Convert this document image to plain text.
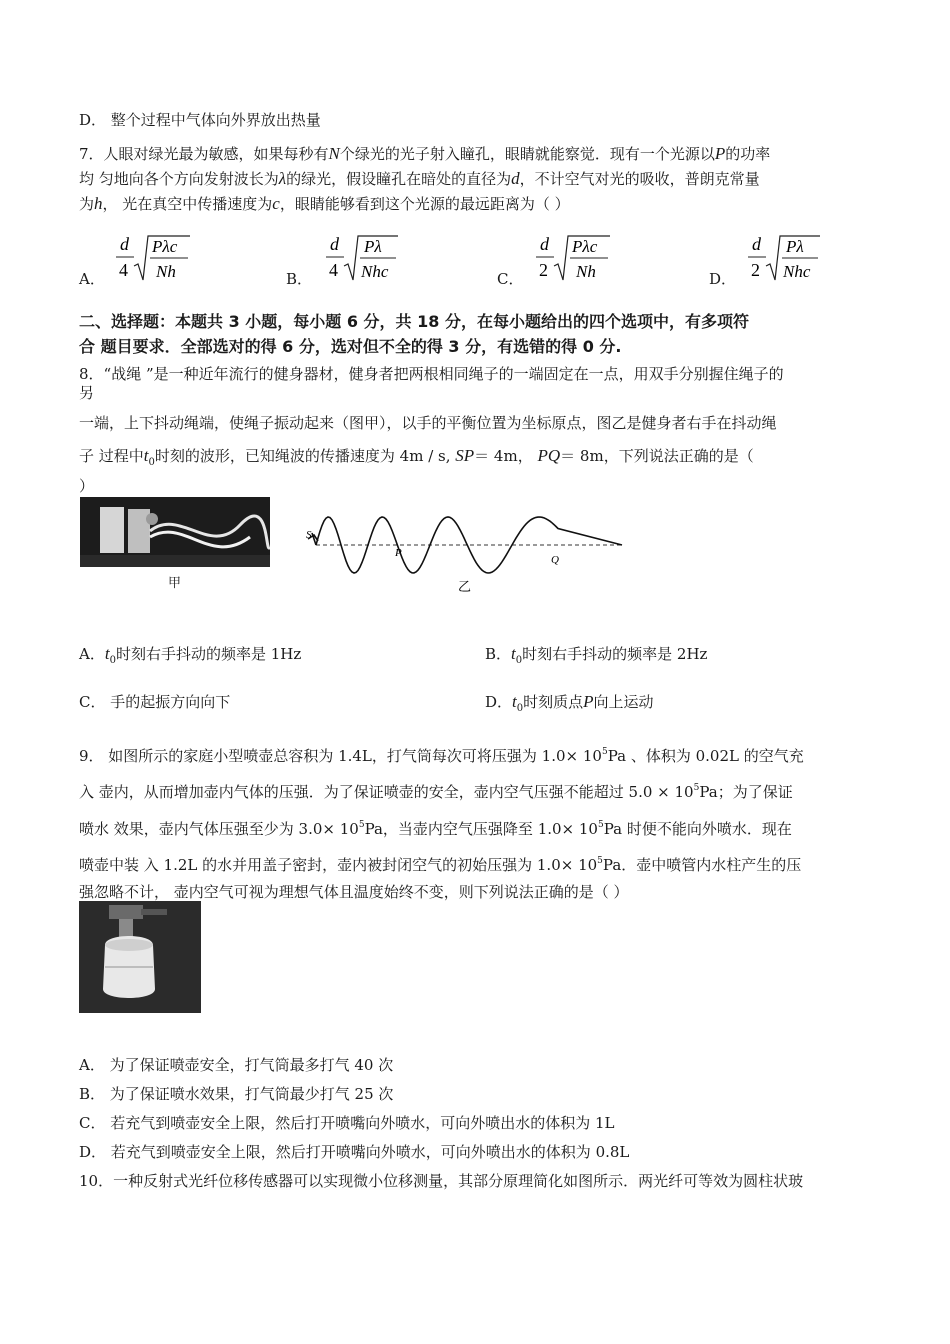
D． 整个过程中气体向外界放出热量
7．人眼对绿光最为敏感，如果每秒有N个绿光的光子射入瞳孔，眼睛就能察觉．现有一个光源以P的功率
均 匀地向各个方向发射波长为λ的绿光，假设瞳孔在暗处的直径为d，不计空气对光的吸收，普朗克常量
为h， 光在真空中传播速度为c，眼睛能够看到这个光源的最远距离为（ ）
A．
d
4
Pλc
Nh	B．
d
4
Pλ
Nhc	C．
d
2
Pλc
Nh	D．
d
2
Pλ
Nhc
二、选择题：本题共 3 小题，每小题 6 分，共 18 分，在每小题给出的四个选项中，有多项符
合 题目要求．全部选对的得 6 分，选对但不全的得 3 分，有选错的得 0 分.
8．“战绳 ”是一种近年流行的健身器材，健身者把两根相同绳子的一端固定在一点，用双手分别握住绳子的
另
一端，上下抖动绳端，使绳子振动起来（图甲），以手的平衡位置为坐标原点，图乙是健身者右手在抖动绳
子 过程中$t_0$时刻的波形，已知绳波的传播速度为 4m / s, SP＝ 4m， PQ＝ 8m，下列说法正确的是（
）
甲
S
P
Q
乙
A．$t_0$时刻右手抖动的频率是 1Hz	B．$t_0$时刻右手抖动的频率是 2Hz
C． 手的起振方向向下	D．$t_0$时刻质点P向上运动
9． 如图所示的家庭小型喷壶总容积为 1.4L，打气筒每次可将压强为 $1.0\times 10^5Pa$ 、体积为 0.02L 的空气充
入 壶内，从而增加壶内气体的压强．为了保证喷壶的安全，壶内空气压强不能超过 $5.0 \times 10^5Pa$；为了保证
喷水 效果，壶内气体压强至少为 $3.0\times 10^5Pa$，当壶内空气压强降至 $1.0\times 10^5Pa$ 时便不能向外喷水．现在
喷壶中装 入 1.2L 的水并用盖子密封，壶内被封闭空气的初始压强为 $1.0\times 10^5Pa$．壶中喷管内水柱产生的压
强忽略不计， 壶内空气可视为理想气体且温度始终不变，则下列说法正确的是（ ）
A． 为了保证喷壶安全，打气筒最多打气 40 次
B． 为了保证喷水效果，打气筒最少打气 25 次
C． 若充气到喷壶安全上限，然后打开喷嘴向外喷水，可向外喷出水的体积为 1L
D． 若充气到喷壶安全上限，然后打开喷嘴向外喷水，可向外喷出水的体积为 0.8L
10．一种反射式光纤位移传感器可以实现微小位移测量，其部分原理简化如图所示．两光纤可等效为圆柱状玻
